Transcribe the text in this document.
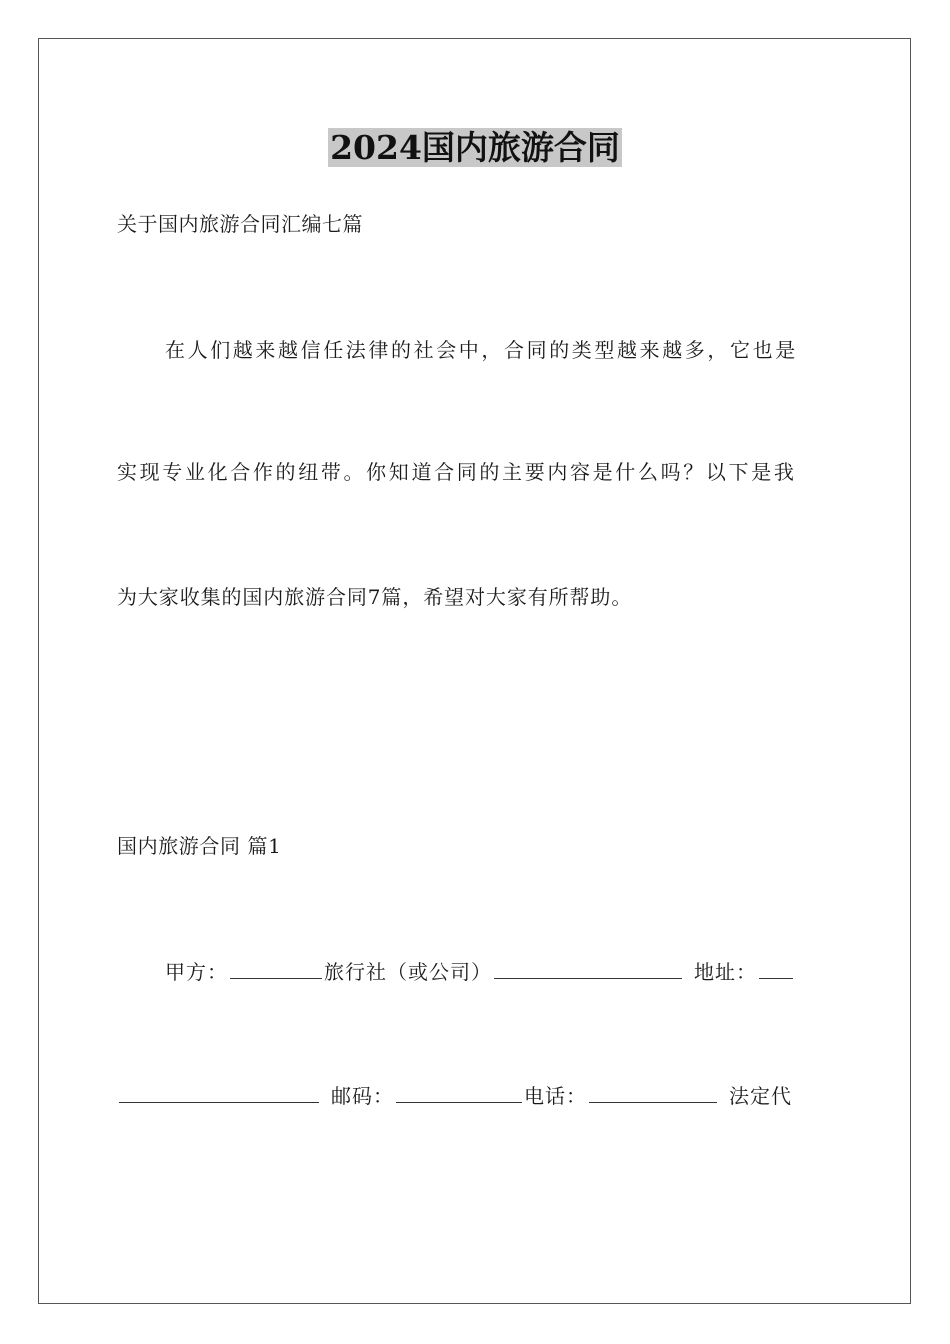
2024国内旅游合同
关于国内旅游合同汇编七篇
在人们越来越信任法律的社会中，合同的类型越来越多，它也是
实现专业化合作的纽带。你知道合同的主要内容是什么吗？以下是我
为大家收集的国内旅游合同7篇，希望对大家有所帮助。
国内旅游合同 篇1
甲方：	旅行社（或公司）	地址：
邮码：	电话：	法定代
